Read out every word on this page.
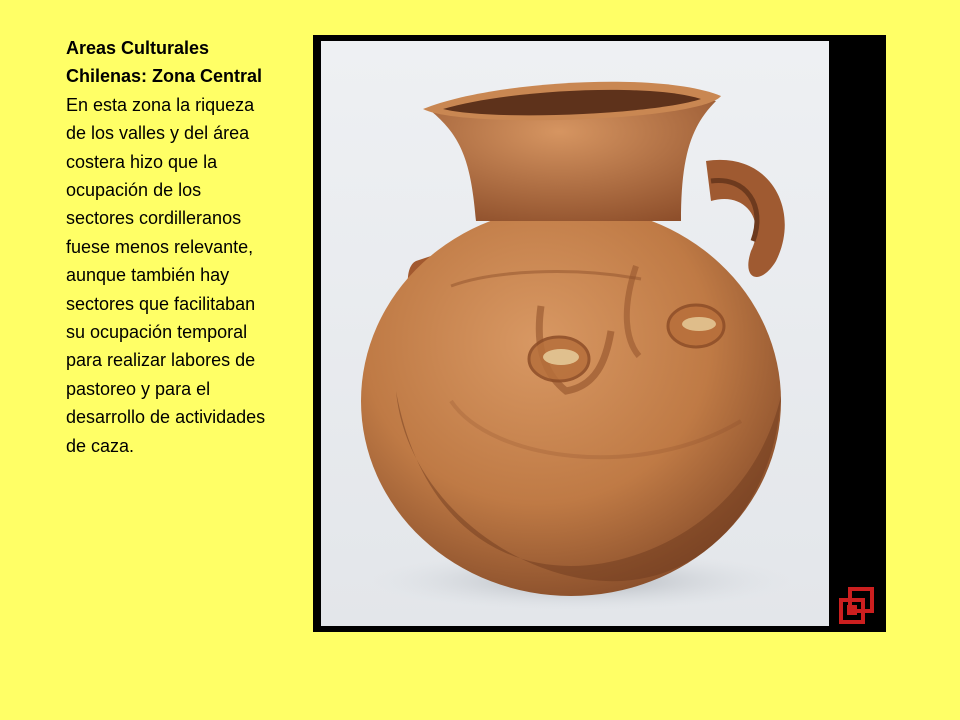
Areas Culturales Chilenas: Zona Central
En esta zona la riqueza de los valles y del área costera hizo que la ocupación de los sectores cordilleranos fuese menos relevante, aunque también hay sectores que facilitaban su ocupación temporal para realizar labores de pastoreo y para el desarrollo de actividades de caza.
